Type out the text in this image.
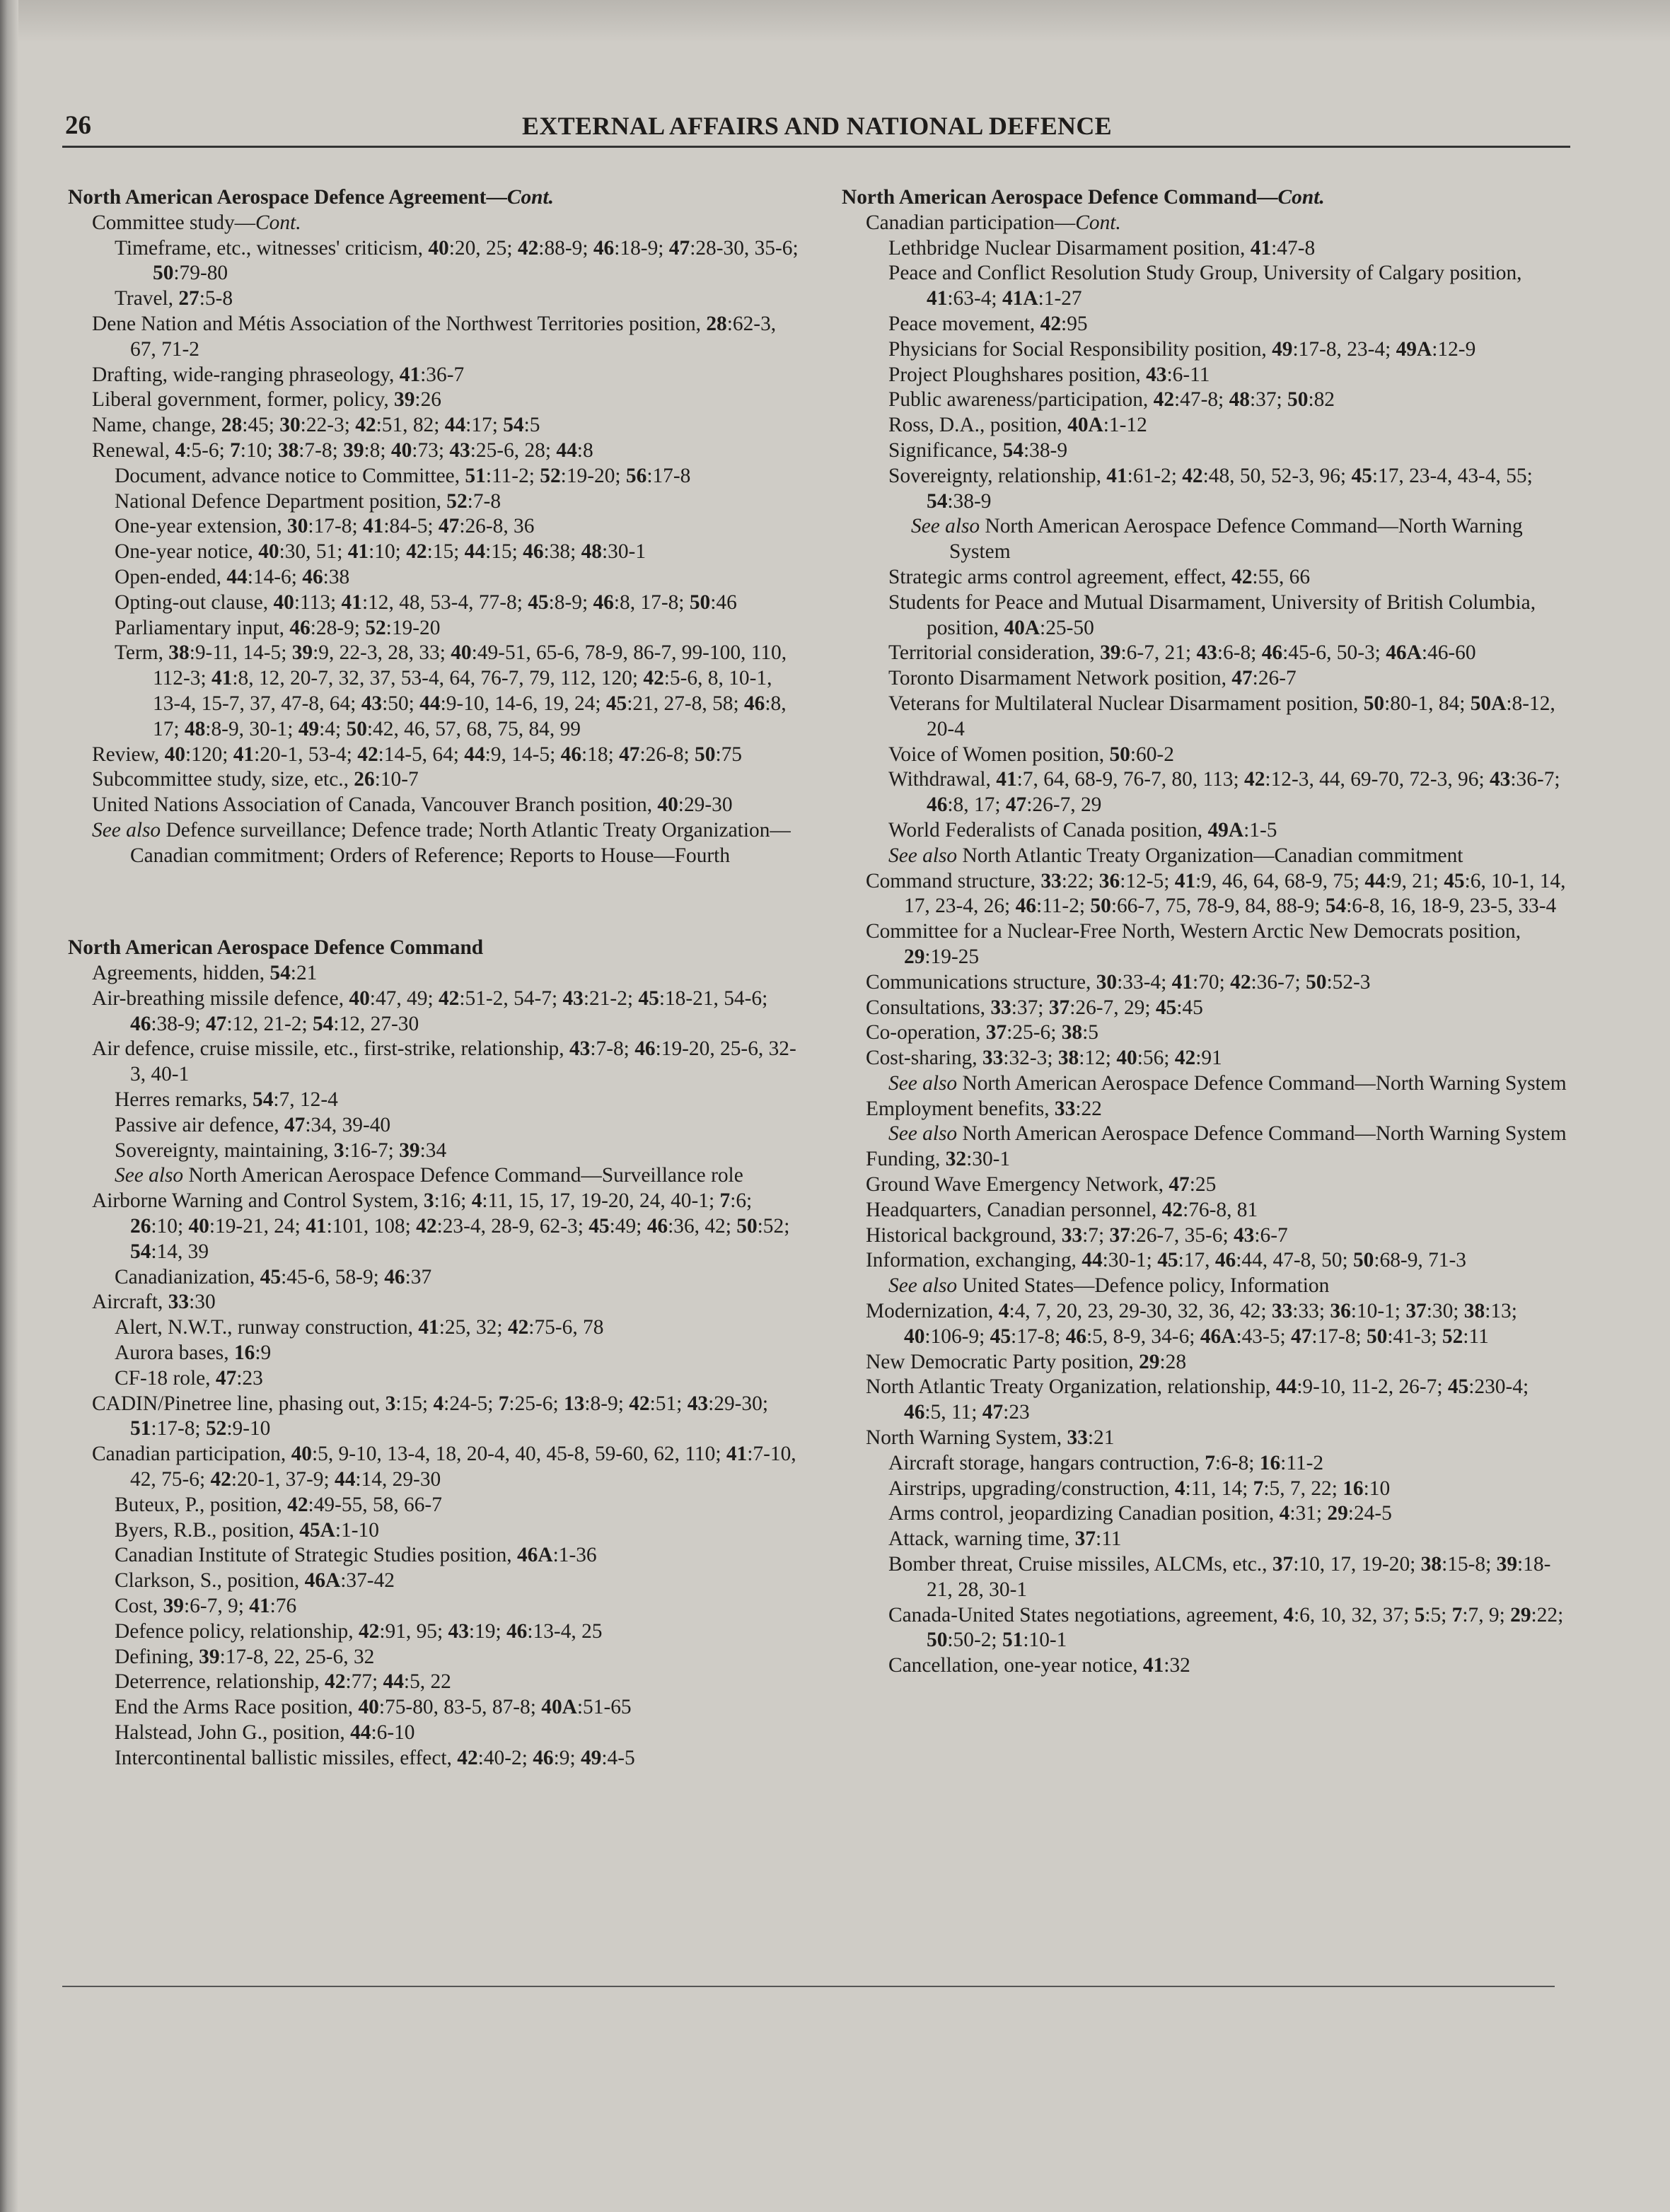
26	EXTERNAL AFFAIRS AND NATIONAL DEFENCE

North American Aerospace Defence Agreement—Cont.

Committee study—Cont.

Timeframe, etc., witnesses' criticism, 40:20, 25; 42:88-9; 46:18-9; 47:28-30, 35-6; 50:79-80

Travel, 27:5-8

Dene Nation and Métis Association of the Northwest Territories position, 28:62-3, 67, 71-2

Drafting, wide-ranging phraseology, 41:36-7

Liberal government, former, policy, 39:26

Name, change, 28:45; 30:22-3; 42:51, 82; 44:17; 54:5

Renewal, 4:5-6; 7:10; 38:7-8; 39:8; 40:73; 43:25-6, 28; 44:8

Document, advance notice to Committee, 51:11-2; 52:19-20; 56:17-8

National Defence Department position, 52:7-8

One-year extension, 30:17-8; 41:84-5; 47:26-8, 36

One-year notice, 40:30, 51; 41:10; 42:15; 44:15; 46:38; 48:30-1

Open-ended, 44:14-6; 46:38

Opting-out clause, 40:113; 41:12, 48, 53-4, 77-8; 45:8-9; 46:8, 17-8; 50:46

Parliamentary input, 46:28-9; 52:19-20

Term, 38:9-11, 14-5; 39:9, 22-3, 28, 33; 40:49-51, 65-6, 78-9, 86-7, 99-100, 110, 112-3; 41:8, 12, 20-7, 32, 37, 53-4, 64, 76-7, 79, 112, 120; 42:5-6, 8, 10-1, 13-4, 15-7, 37, 47-8, 64; 43:50; 44:9-10, 14-6, 19, 24; 45:21, 27-8, 58; 46:8, 17; 48:8-9, 30-1; 49:4; 50:42, 46, 57, 68, 75, 84, 99

Review, 40:120; 41:20-1, 53-4; 42:14-5, 64; 44:9, 14-5; 46:18; 47:26-8; 50:75

Subcommittee study, size, etc., 26:10-7

United Nations Association of Canada, Vancouver Branch position, 40:29-30

See also Defence surveillance; Defence trade; North Atlantic Treaty Organization—Canadian commitment; Orders of Reference; Reports to House—Fourth

North American Aerospace Defence Command

Agreements, hidden, 54:21

Air-breathing missile defence, 40:47, 49; 42:51-2, 54-7; 43:21-2; 45:18-21, 54-6; 46:38-9; 47:12, 21-2; 54:12, 27-30

Air defence, cruise missile, etc., first-strike, relationship, 43:7-8; 46:19-20, 25-6, 32-3, 40-1

Herres remarks, 54:7, 12-4

Passive air defence, 47:34, 39-40

Sovereignty, maintaining, 3:16-7; 39:34

See also North American Aerospace Defence Command—Surveillance role

Airborne Warning and Control System, 3:16; 4:11, 15, 17, 19-20, 24, 40-1; 7:6; 26:10; 40:19-21, 24; 41:101, 108; 42:23-4, 28-9, 62-3; 45:49; 46:36, 42; 50:52; 54:14, 39

Canadianization, 45:45-6, 58-9; 46:37

Aircraft, 33:30

Alert, N.W.T., runway construction, 41:25, 32; 42:75-6, 78

Aurora bases, 16:9

CF-18 role, 47:23

CADIN/Pinetree line, phasing out, 3:15; 4:24-5; 7:25-6; 13:8-9; 42:51; 43:29-30; 51:17-8; 52:9-10

Canadian participation, 40:5, 9-10, 13-4, 18, 20-4, 40, 45-8, 59-60, 62, 110; 41:7-10, 42, 75-6; 42:20-1, 37-9; 44:14, 29-30

Buteux, P., position, 42:49-55, 58, 66-7

Byers, R.B., position, 45A:1-10

Canadian Institute of Strategic Studies position, 46A:1-36

Clarkson, S., position, 46A:37-42

Cost, 39:6-7, 9; 41:76

Defence policy, relationship, 42:91, 95; 43:19; 46:13-4, 25

Defining, 39:17-8, 22, 25-6, 32

Deterrence, relationship, 42:77; 44:5, 22

End the Arms Race position, 40:75-80, 83-5, 87-8; 40A:51-65

Halstead, John G., position, 44:6-10

Intercontinental ballistic missiles, effect, 42:40-2; 46:9; 49:4-5

North American Aerospace Defence Command—Cont.

Canadian participation—Cont.

Lethbridge Nuclear Disarmament position, 41:47-8

Peace and Conflict Resolution Study Group, University of Calgary position, 41:63-4; 41A:1-27

Peace movement, 42:95

Physicians for Social Responsibility position, 49:17-8, 23-4; 49A:12-9

Project Ploughshares position, 43:6-11

Public awareness/participation, 42:47-8; 48:37; 50:82

Ross, D.A., position, 40A:1-12

Significance, 54:38-9

Sovereignty, relationship, 41:61-2; 42:48, 50, 52-3, 96; 45:17, 23-4, 43-4, 55; 54:38-9

See also North American Aerospace Defence Command—North Warning System

Strategic arms control agreement, effect, 42:55, 66

Students for Peace and Mutual Disarmament, University of British Columbia, position, 40A:25-50

Territorial consideration, 39:6-7, 21; 43:6-8; 46:45-6, 50-3; 46A:46-60

Toronto Disarmament Network position, 47:26-7

Veterans for Multilateral Nuclear Disarmament position, 50:80-1, 84; 50A:8-12, 20-4

Voice of Women position, 50:60-2

Withdrawal, 41:7, 64, 68-9, 76-7, 80, 113; 42:12-3, 44, 69-70, 72-3, 96; 43:36-7; 46:8, 17; 47:26-7, 29

World Federalists of Canada position, 49A:1-5

See also North Atlantic Treaty Organization—Canadian commitment

Command structure, 33:22; 36:12-5; 41:9, 46, 64, 68-9, 75; 44:9, 21; 45:6, 10-1, 14, 17, 23-4, 26; 46:11-2; 50:66-7, 75, 78-9, 84, 88-9; 54:6-8, 16, 18-9, 23-5, 33-4

Committee for a Nuclear-Free North, Western Arctic New Democrats position, 29:19-25

Communications structure, 30:33-4; 41:70; 42:36-7; 50:52-3

Consultations, 33:37; 37:26-7, 29; 45:45

Co-operation, 37:25-6; 38:5

Cost-sharing, 33:32-3; 38:12; 40:56; 42:91

See also North American Aerospace Defence Command—North Warning System

Employment benefits, 33:22

See also North American Aerospace Defence Command—North Warning System

Funding, 32:30-1

Ground Wave Emergency Network, 47:25

Headquarters, Canadian personnel, 42:76-8, 81

Historical background, 33:7; 37:26-7, 35-6; 43:6-7

Information, exchanging, 44:30-1; 45:17, 46:44, 47-8, 50; 50:68-9, 71-3

See also United States—Defence policy, Information

Modernization, 4:4, 7, 20, 23, 29-30, 32, 36, 42; 33:33; 36:10-1; 37:30; 38:13; 40:106-9; 45:17-8; 46:5, 8-9, 34-6; 46A:43-5; 47:17-8; 50:41-3; 52:11

New Democratic Party position, 29:28

North Atlantic Treaty Organization, relationship, 44:9-10, 11-2, 26-7; 45:230-4; 46:5, 11; 47:23

North Warning System, 33:21

Aircraft storage, hangars contruction, 7:6-8; 16:11-2

Airstrips, upgrading/construction, 4:11, 14; 7:5, 7, 22; 16:10

Arms control, jeopardizing Canadian position, 4:31; 29:24-5

Attack, warning time, 37:11

Bomber threat, Cruise missiles, ALCMs, etc., 37:10, 17, 19-20; 38:15-8; 39:18-21, 28, 30-1

Canada-United States negotiations, agreement, 4:6, 10, 32, 37; 5:5; 7:7, 9; 29:22; 50:50-2; 51:10-1

Cancellation, one-year notice, 41:32
